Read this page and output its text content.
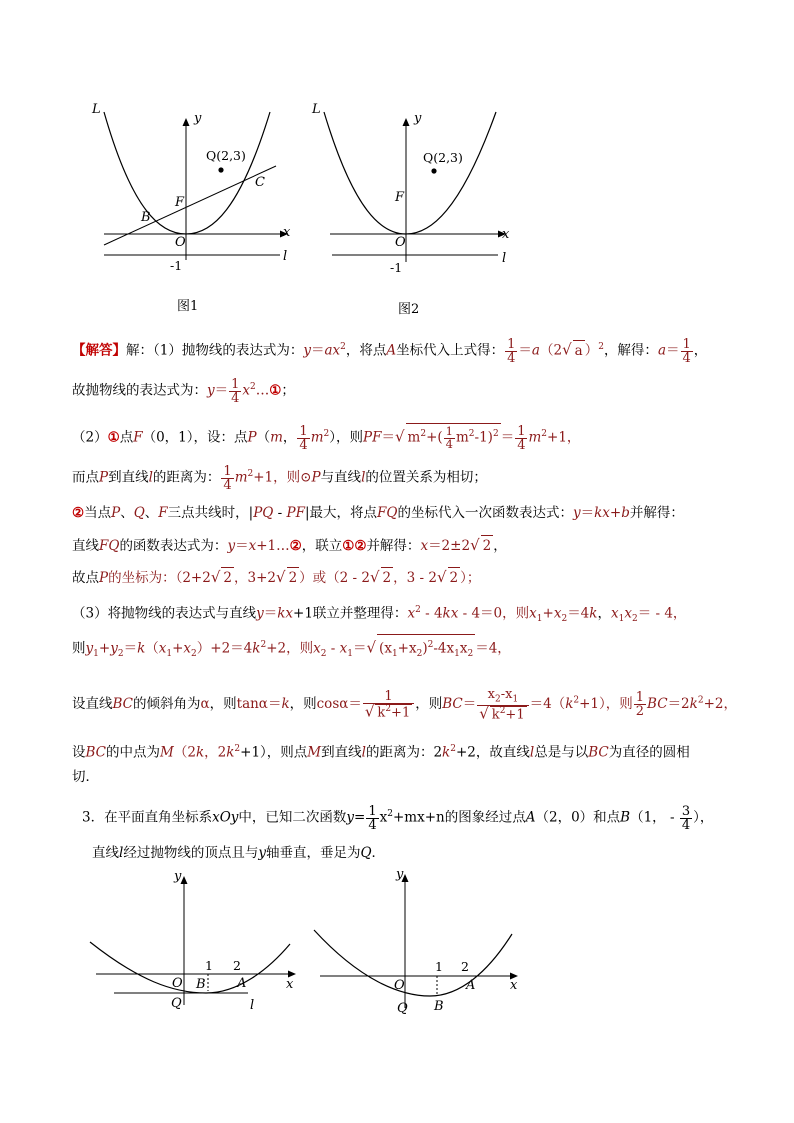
L
y
x
Q(2,3)
C
F
B
O
-1
l
图1
L
y
x
Q(2,3)
F
O
-1
l
图2
【解答】解：（1）抛物线的表达式为：$y=ax^2$，将点A坐标代入上式得： $\frac{1}{4} =a(2√$ a ）$^2$，解得：$a= \frac{1}{4}$ ，
故抛物线的表达式为：$y= \frac{1}{4}$ $x^2\dots ①$；
（2）①点F（0，1），设：点P（m， $\frac{1}{4} m^2$），则PF＝√ $m^2+( \frac{1}{4} m^2-1)^2 = \frac{1}{4} m^2+1$，
而点P到直线l的距离为： $\frac{1}{4} m^2+1$，则⊙P与直线l的位置关系为相切；
②当点P、Q、F三点共线时，|PQ - PF|最大，将点FQ的坐标代入一次函数表达式：y＝kx+b并解得：
直线FQ的函数表达式为：y＝x+1…②，联立①②并解得：x＝2±2√ 2 ，
故点P的坐标为：（2+2√ 2 ，3+2√ 2 ）或（2 - 2√ 2 ，3 - 2√ 2 ）；
（3）将抛物线的表达式与直线y＝kx+1联立并整理得：$x^2 - 4kx - 4=0$，则$x_1+x_2=4k$，$x_1x_2= - 4$，
则$y_1+y_2=k(x_1+x_2)+2=4k^2+2$，则$x_2 - x_1=√$ $(x_1+x_2)^2-4x_1x_2 =4$，
设直线BC的倾斜角为α，则tanα＝k，则$\cos\alpha= \frac{1}{√ k^2+1}$ ，则$BC= \frac{x_2-x_1}{√ k^2+1} =4(k^2+1)$，则 $\frac{1}{2} BC=2k^2+2$，
设BC的中点为M（2k，$2k^2+1$），则点M到直线l的距离为：$2k^2+2$，故直线l总是与以BC为直径的圆相
切．
3．在平面直角坐标系xOy中，已知二次函数$y= \frac{1}{4} x^2+mx+n$的图象经过点A（2，0）和点B（1， - $\frac{3}{4}$ ），
直线l经过抛物线的顶点且与y轴垂直，垂足为Q．
y
x
O B A
1 2
Q	l
y
x
O	A
1 2
Q B
